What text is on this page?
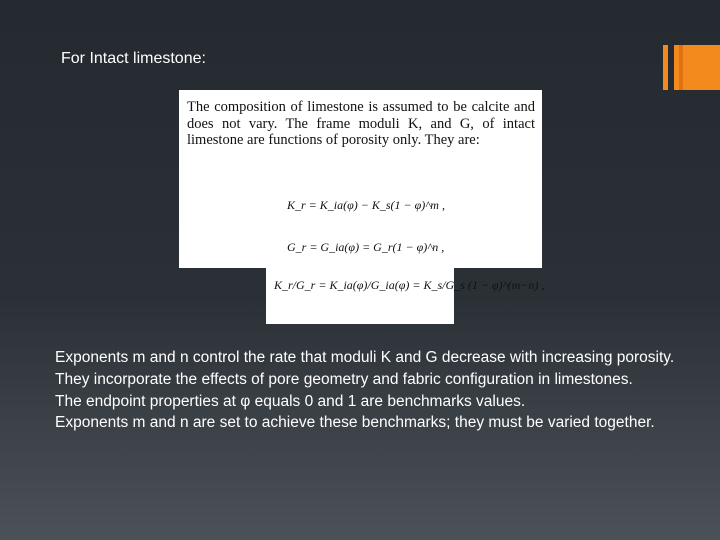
For Intact limestone:
The composition of limestone is assumed to be calcite and does not vary. The frame moduli K, and G, of intact limestone are functions of porosity only. They are:
K_r = K_ia(φ) − K_s(1 − φ)^m ,
G_r = G_ia(φ) = G_r(1 − φ)^n ,
K_r/G_r = K_ia(φ)/G_ia(φ) = K_s/G_s (1 − φ)^(m−n) ,

Exponents m and n control the rate that moduli K and G decrease with increasing porosity.

They incorporate the effects of pore geometry and fabric configuration in limestones.

The endpoint properties at φ equals 0 and 1 are benchmarks values.

Exponents m and n are set to achieve these benchmarks; they must be varied together.
